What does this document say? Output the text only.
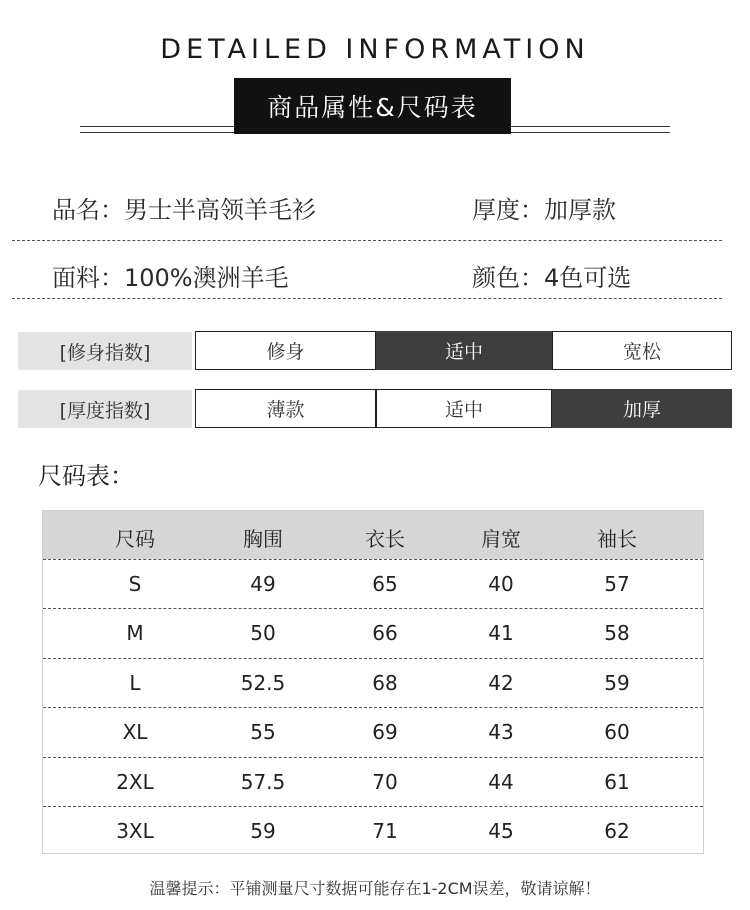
DETAILED INFORMATION
商品属性&尺码表
品名：男士半高领羊毛衫	厚度：加厚款
面料：100%澳洲羊毛	颜色：4色可选
[修身指数]	修身	适中	宽松
[厚度指数]	薄款	适中	加厚
尺码表：
尺码	胸围	衣长	肩宽	袖长
S	49	65	40	57
M	50	66	41	58
L	52.5	68	42	59
XL	55	69	43	60
2XL	57.5	70	44	61
3XL	59	71	45	62
温馨提示：平铺测量尺寸数据可能存在1-2CM误差，敬请谅解！
